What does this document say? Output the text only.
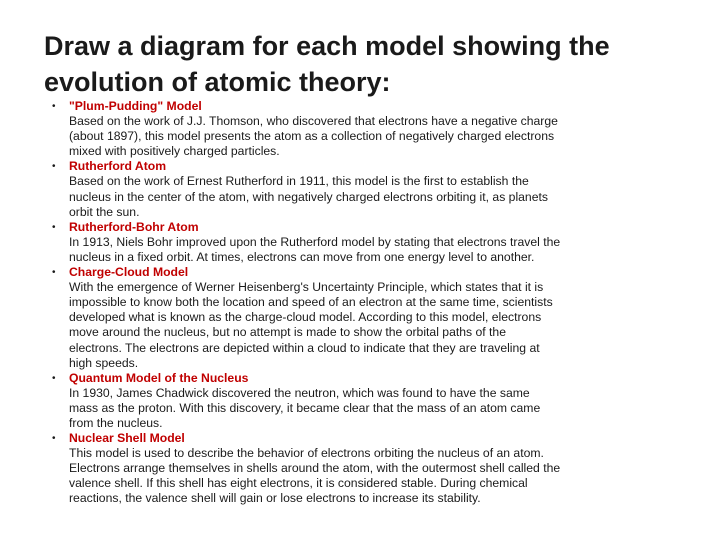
Draw a diagram for each model showing the evolution of atomic theory:
• "Plum-Pudding" Model
Based on the work of J.J. Thomson, who discovered that electrons have a negative charge (about 1897), this model presents the atom as a collection of negatively charged electrons mixed with positively charged particles.
• Rutherford Atom
Based on the work of Ernest Rutherford in 1911, this model is the first to establish the nucleus in the center of the atom, with negatively charged electrons orbiting it, as planets orbit the sun.
• Rutherford-Bohr Atom
In 1913, Niels Bohr improved upon the Rutherford model by stating that electrons travel the nucleus in a fixed orbit. At times, electrons can move from one energy level to another.
• Charge-Cloud Model
With the emergence of Werner Heisenberg's Uncertainty Principle, which states that it is impossible to know both the location and speed of an electron at the same time, scientists developed what is known as the charge-cloud model. According to this model, electrons move around the nucleus, but no attempt is made to show the orbital paths of the electrons. The electrons are depicted within a cloud to indicate that they are traveling at high speeds.
• Quantum Model of the Nucleus
In 1930, James Chadwick discovered the neutron, which was found to have the same mass as the proton. With this discovery, it became clear that the mass of an atom came from the nucleus.
• Nuclear Shell Model
This model is used to describe the behavior of electrons orbiting the nucleus of an atom. Electrons arrange themselves in shells around the atom, with the outermost shell called the valence shell. If this shell has eight electrons, it is considered stable. During chemical reactions, the valence shell will gain or lose electrons to increase its stability.
